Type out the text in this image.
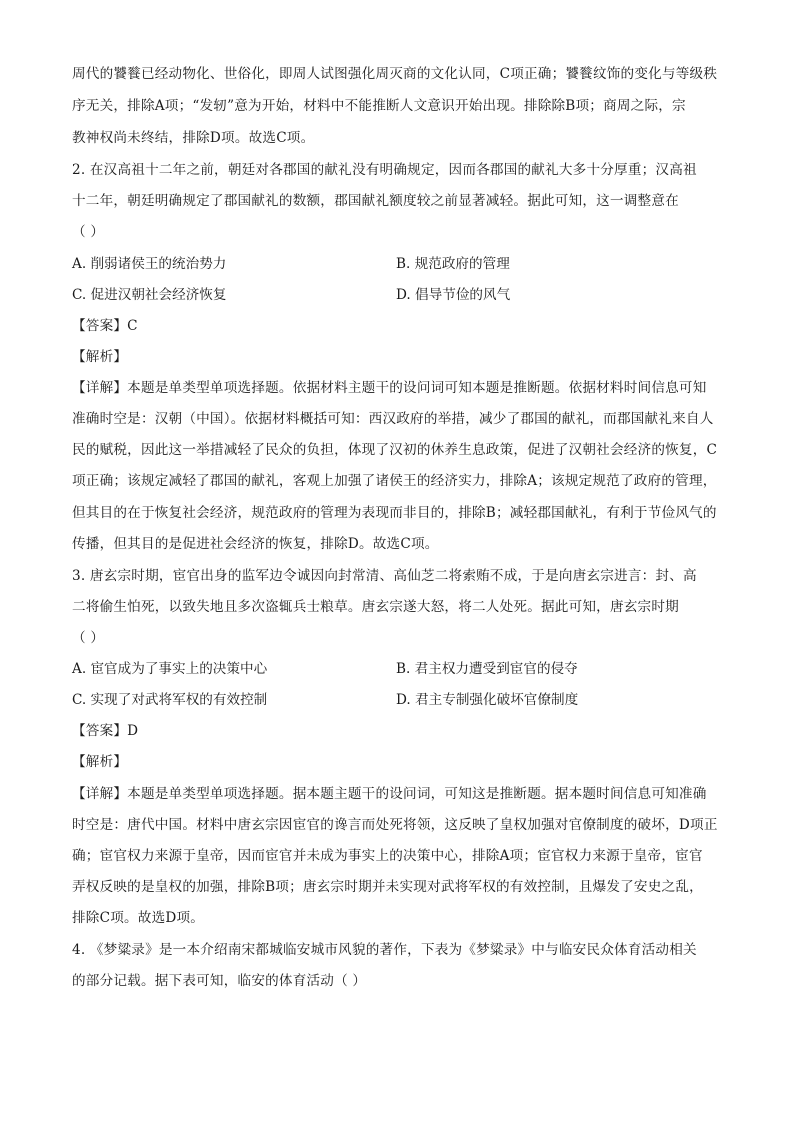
周代的饕餮已经动物化、世俗化，即周人试图强化周灭商的文化认同，C项正确；饕餮纹饰的变化与等级秩
序无关，排除A项；“发轫”意为开始，材料中不能推断人文意识开始出现。排除除B项；商周之际，宗
教神权尚未终结，排除D项。故选C项。
2. 在汉高祖十二年之前，朝廷对各郡国的献礼没有明确规定，因而各郡国的献礼大多十分厚重；汉高祖
十二年，朝廷明确规定了郡国献礼的数额，郡国献礼额度较之前显著减轻。据此可知，这一调整意在
（ ）
A. 削弱诸侯王的统治势力	B. 规范政府的管理
C. 促进汉朝社会经济恢复	D. 倡导节俭的风气
【答案】C
【解析】
【详解】本题是单类型单项选择题。依据材料主题干的设问词可知本题是推断题。依据材料时间信息可知
准确时空是：汉朝（中国）。依据材料概括可知：西汉政府的举措，减少了郡国的献礼，而郡国献礼来自人
民的赋税，因此这一举措减轻了民众的负担，体现了汉初的休养生息政策，促进了汉朝社会经济的恢复，C
项正确；该规定减轻了郡国的献礼，客观上加强了诸侯王的经济实力，排除A；该规定规范了政府的管理，
但其目的在于恢复社会经济，规范政府的管理为表现而非目的，排除B；减轻郡国献礼，有利于节俭风气的
传播，但其目的是促进社会经济的恢复，排除D。故选C项。
3. 唐玄宗时期，宦官出身的监军边令诚因向封常清、高仙芝二将索贿不成，于是向唐玄宗进言：封、高
二将偷生怕死，以致失地且多次盗辄兵士粮草。唐玄宗遂大怒，将二人处死。据此可知，唐玄宗时期
（ ）
A. 宦官成为了事实上的决策中心	B. 君主权力遭受到宦官的侵夺
C. 实现了对武将军权的有效控制	D. 君主专制强化破坏官僚制度
【答案】D
【解析】
【详解】本题是单类型单项选择题。据本题主题干的设问词，可知这是推断题。据本题时间信息可知准确
时空是：唐代中国。材料中唐玄宗因宦官的谗言而处死将领，这反映了皇权加强对官僚制度的破坏，D项正
确；宦官权力来源于皇帝，因而宦官并未成为事实上的决策中心，排除A项；宦官权力来源于皇帝，宦官
弄权反映的是皇权的加强，排除B项；唐玄宗时期并未实现对武将军权的有效控制，且爆发了安史之乱，
排除C项。故选D项。
4. 《梦粱录》是一本介绍南宋都城临安城市风貌的著作，下表为《梦粱录》中与临安民众体育活动相关
的部分记载。据下表可知，临安的体育活动（ ）
